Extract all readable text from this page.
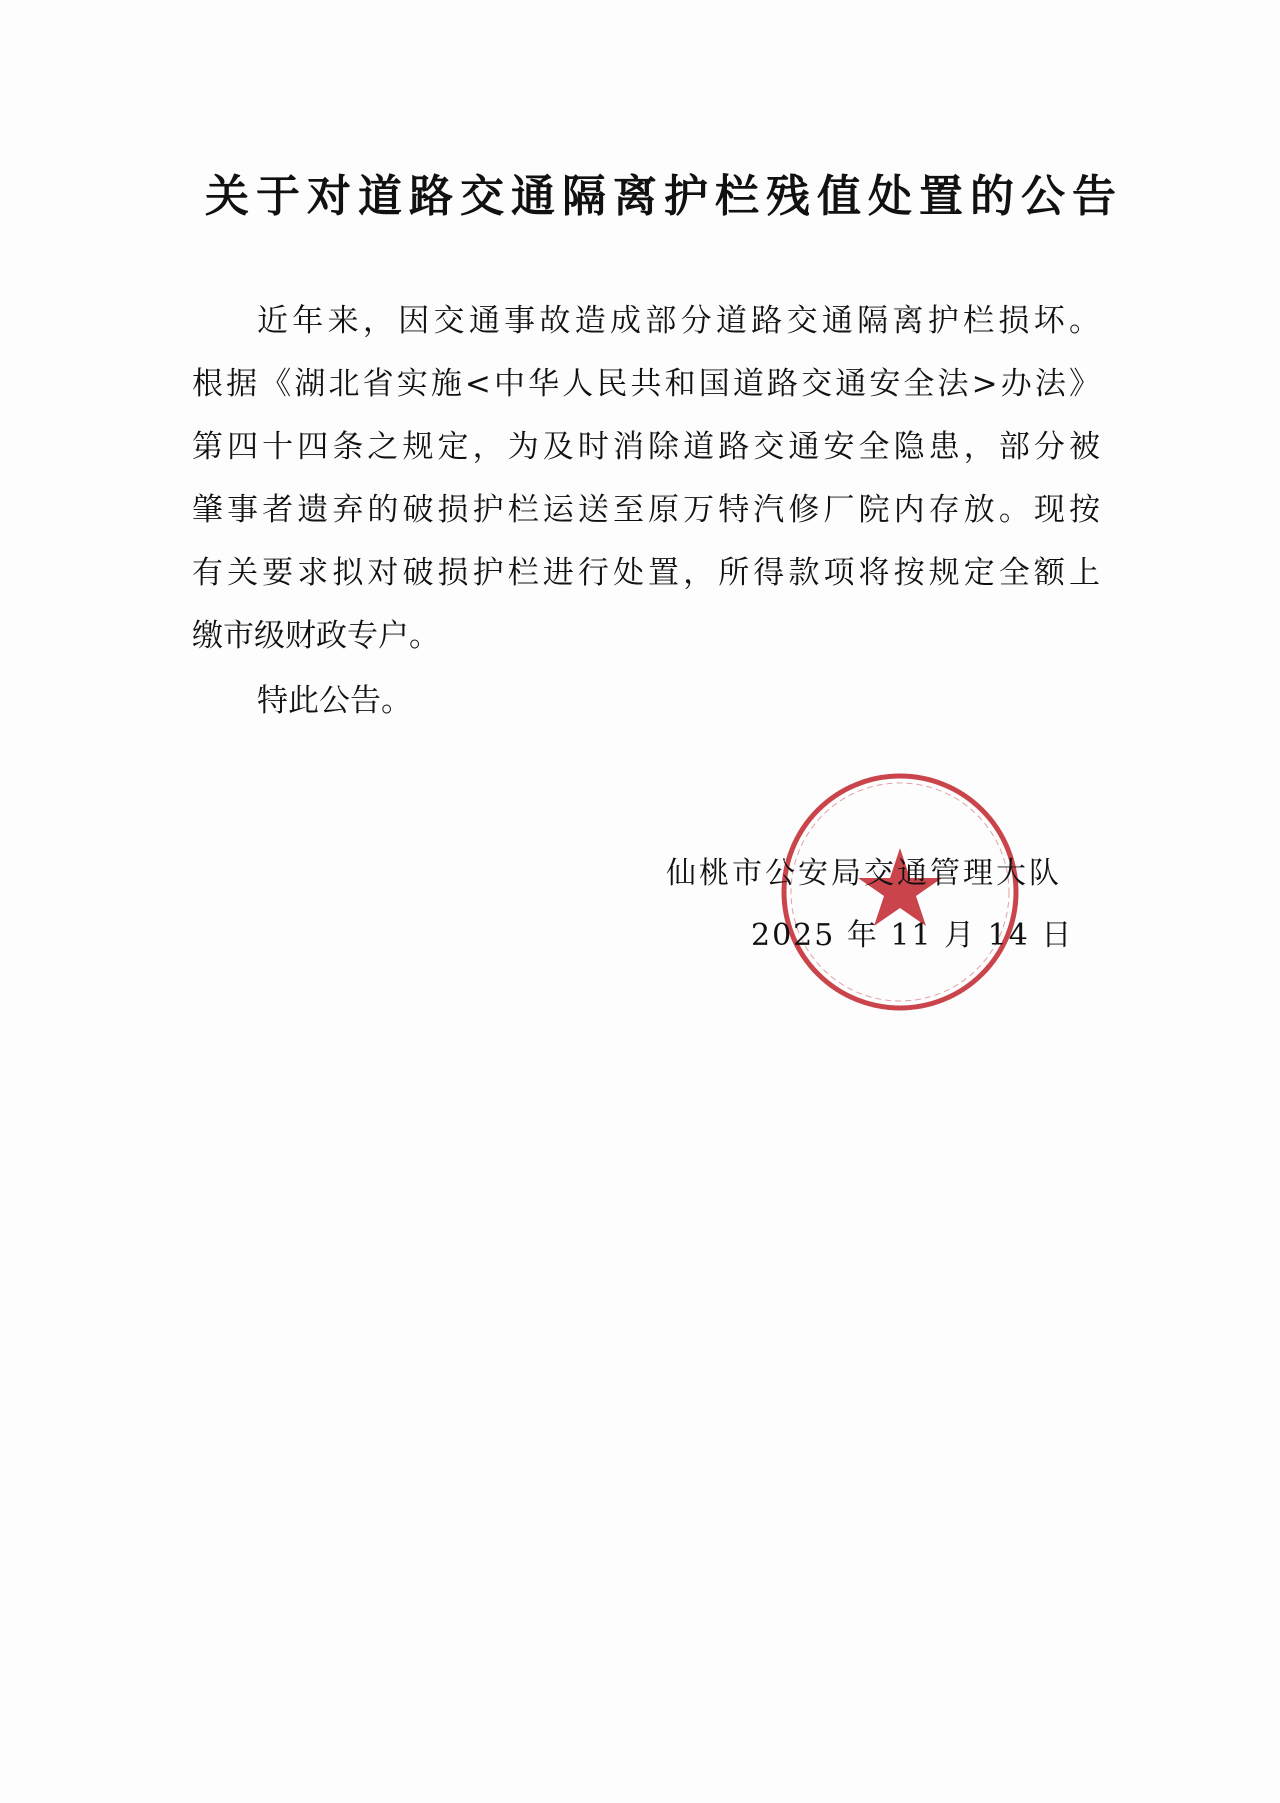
关于对道路交通隔离护栏残值处置的公告
近年来，因交通事故造成部分道路交通隔离护栏损坏。
根据《湖北省实施<中华人民共和国道路交通安全法>办法》
第四十四条之规定，为及时消除道路交通安全隐患，部分被
肇事者遗弃的破损护栏运送至原万特汽修厂院内存放。现按
有关要求拟对破损护栏进行处置，所得款项将按规定全额上
缴市级财政专户。
特此公告。
仙桃市公安局交通管理大队
2025 年 11 月 14 日
